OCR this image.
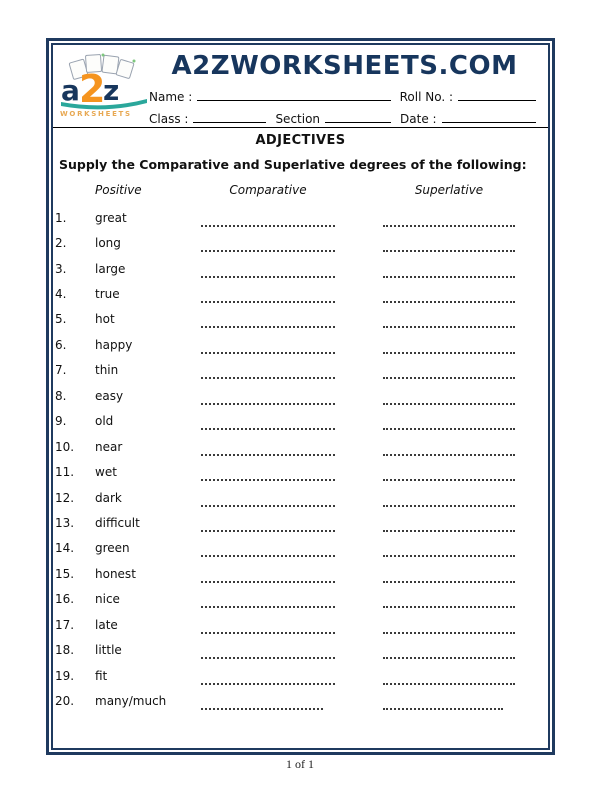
a 2
z
WORKSHEETS
A2ZWORKSHEETS.COM
Name :	Roll No. :
Class :	Section	Date :
ADJECTIVES
Supply the Comparative and Superlative degrees of the following:
Positive	Comparative	Superlative
1.	great
2.	long
3.	large
4.	true
5.	hot
6.	happy
7.	thin
8.	easy
9.	old
10.	near
11.	wet
12.	dark
13.	difficult
14.	green
15.	honest
16.	nice
17.	late
18.	little
19.	fit
20.	many/much
1 of 1
